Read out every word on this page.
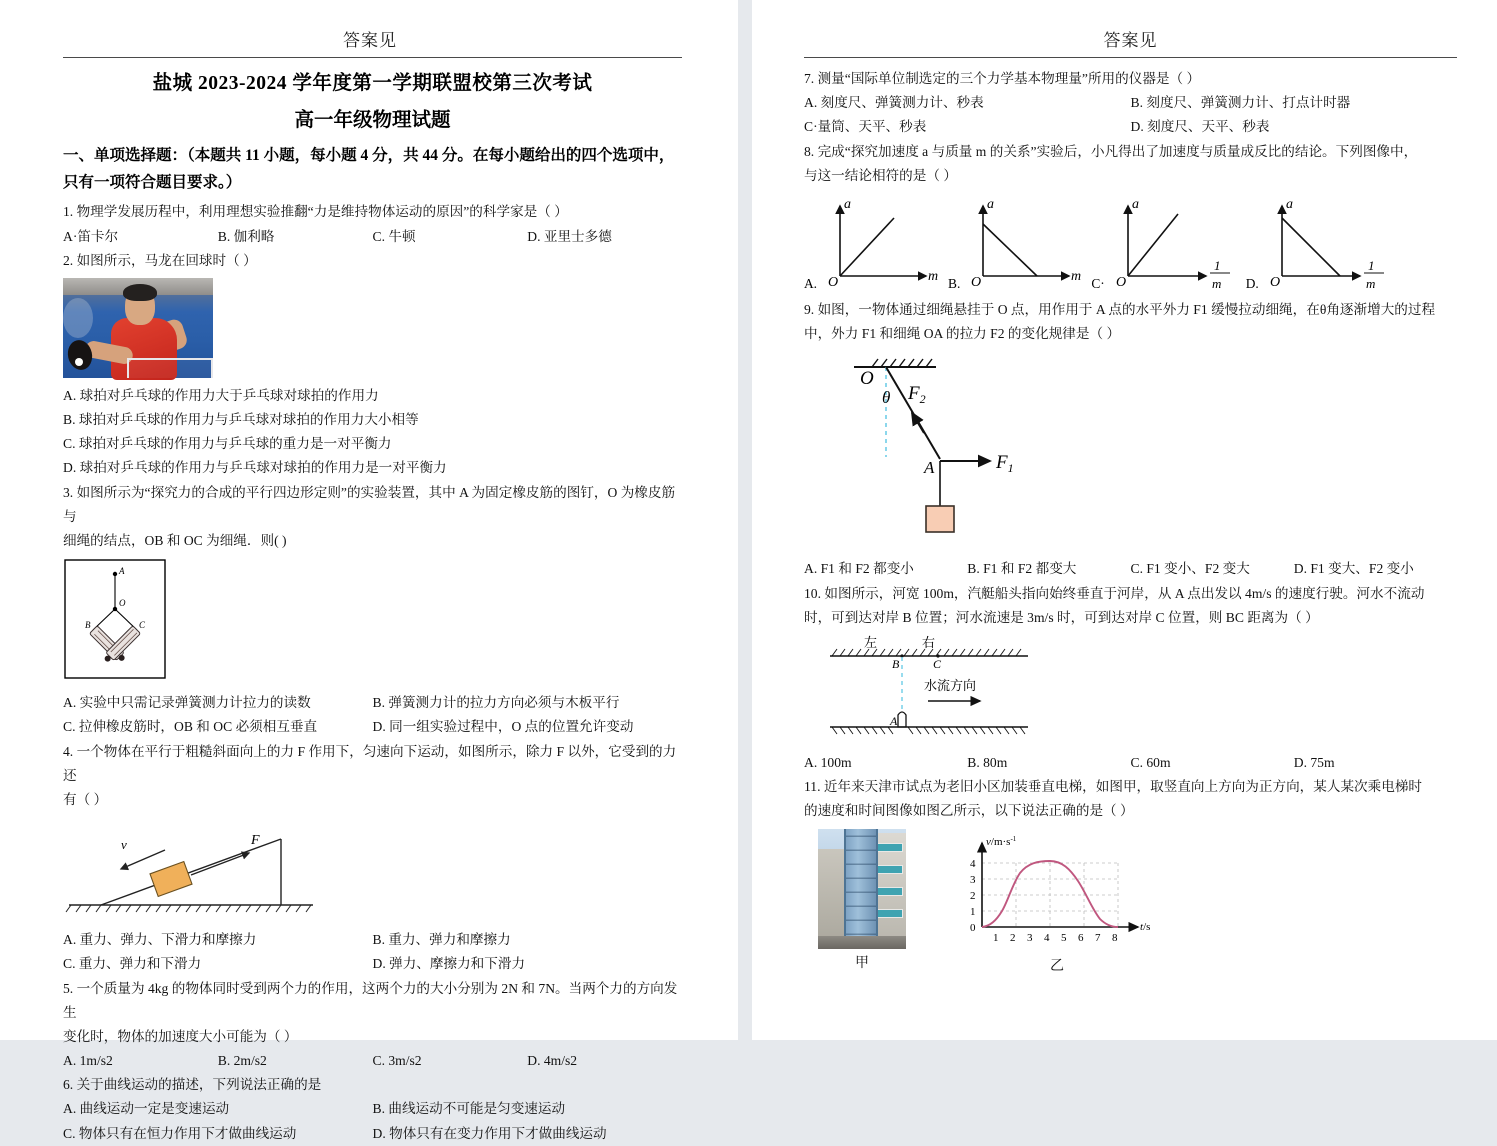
答案见
盐城 2023-2024 学年度第一学期联盟校第三次考试
高一年级物理试题
一、单项选择题：（本题共 11 小题，每小题 4 分，共 44 分。在每小题给出的四个选项中，只有一项符合题目要求。）
1. 物理学发展历程中，利用理想实验推翻“力是维持物体运动的原因”的科学家是（ ）
A·笛卡尔	B. 伽利略	C. 牛顿	D. 亚里士多德
2. 如图所示，马龙在回球时（ ）
A. 球拍对乒乓球的作用力大于乒乓球对球拍的作用力
B. 球拍对乒乓球的作用力与乒乓球对球拍的作用力大小相等
C. 球拍对乒乓球的作用力与乒乓球的重力是一对平衡力
D. 球拍对乒乓球的作用力与乒乓球对球拍的作用力是一对平衡力
3. 如图所示为“探究力的合成的平行四边形定则”的实验装置，其中 A 为固定橡皮筋的图钉，O 为橡皮筋与
细绳的结点，OB 和 OC 为细绳．则( )
A
O
B	C
A. 实验中只需记录弹簧测力计拉力的读数	B. 弹簧测力计的拉力方向必须与木板平行
C. 拉伸橡皮筋时，OB 和 OC 必须相互垂直	D. 同一组实验过程中，O 点的位置允许变动
4. 一个物体在平行于粗糙斜面向上的力 F 作用下，匀速向下运动，如图所示，除力 F 以外，它受到的力还
有（ ）
F
v
A. 重力、弹力、下滑力和摩擦力	B. 重力、弹力和摩擦力
C. 重力、弹力和下滑力	D. 弹力、摩擦力和下滑力
5. 一个质量为 4kg 的物体同时受到两个力的作用，这两个力的大小分别为 2N 和 7N。当两个力的方向发生
变化时，物体的加速度大小可能为（ ）
A. 1m/s2	B. 2m/s2	C. 3m/s2	D. 4m/s2
6. 关于曲线运动的描述，下列说法正确的是
A. 曲线运动一定是变速运动	B. 曲线运动不可能是匀变速运动
C. 物体只有在恒力作用下才做曲线运动	D. 物体只有在变力作用下才做曲线运动
答案见
7. 测量“国际单位制选定的三个力学基本物理量”所用的仪器是（ ）
A. 刻度尺、弹簧测力计、秒表	B. 刻度尺、弹簧测力计、打点计时器
C·量筒、天平、秒表	D. 刻度尺、天平、秒表
8. 完成“探究加速度 a 与质量 m 的关系”实验后，小凡得出了加速度与质量成反比的结论。下列图像中，
与这一结论相符的是（ ）
A.
a
m
O	B.
a
m
O	C·
a
O
1
m D.
a
O
1
m
9. 如图，一物体通过细绳悬挂于 O 点，用作用于 A 点的水平外力 F1 缓慢拉动细绳，在θ角逐渐增大的过程
中，外力 F1 和细绳 OA 的拉力 F2 的变化规律是（ ）
O
θ $F_2$
A	$F_1$
A. F1 和 F2 都变小	B. F1 和 F2 都变大	C. F1 变小、F2 变大	D. F1 变大、F2 变小
10. 如图所示，河宽 100m，汽艇船头指向始终垂直于河岸，从 A 点出发以 4m/s 的速度行驶。河水不流动
时，可到达对岸 B 位置；河水流速是 3m/s 时，可到达对岸 C 位置，则 BC 距离为（ ）
左	右
B	C
水流方向
A
A. 100m	B. 80m	C. 60m	D. 75m
11. 近年来天津市试点为老旧小区加装垂直电梯，如图甲，取竖直向上方向为正方向，某人某次乘电梯时
的速度和时间图像如图乙所示，以下说法正确的是（ ）
甲
$v/m\cdot s^{-1}$
t/s
0
1
2
3
4
1 2 3 4 5 6 7 8
乙
